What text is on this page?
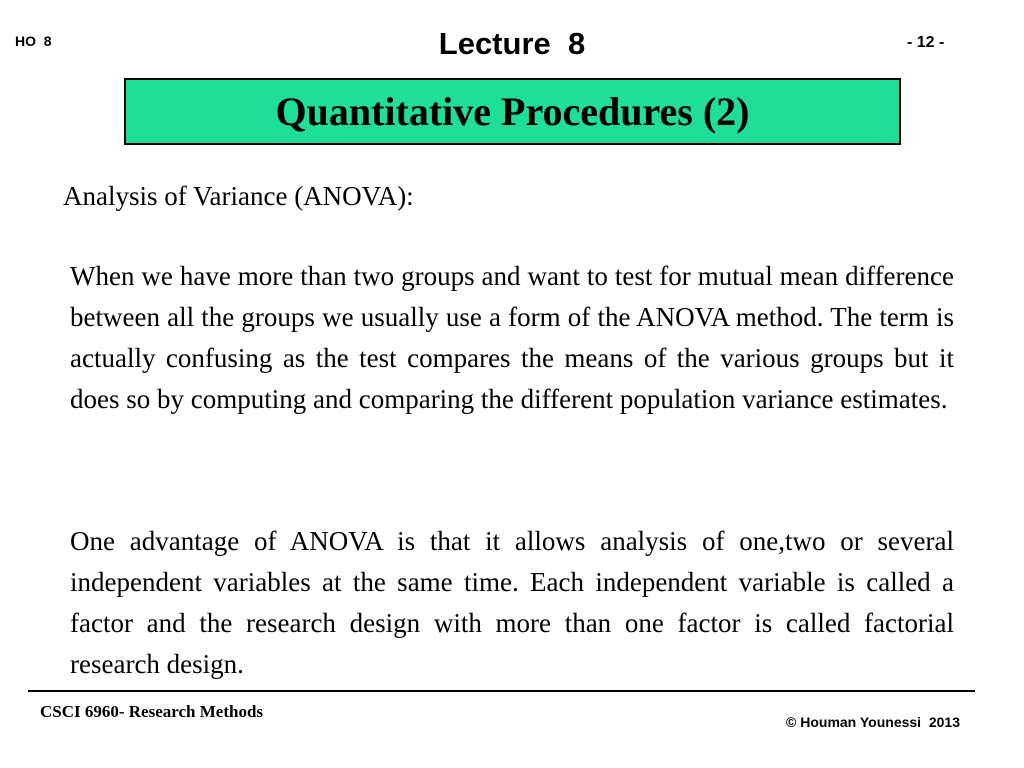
HO  8	Lecture  8	- 12 -
Quantitative Procedures (2)
Analysis of Variance (ANOVA):

When we have more than two groups and want to test for mutual mean difference between all the groups we usually use a form of the ANOVA method. The term is actually confusing as the test compares the means of the various groups but it does so by computing and comparing the different population variance estimates.

One advantage of ANOVA is that it allows analysis of one,two or several independent variables at the same time. Each independent variable is called a factor and the research design with more than one factor is called factorial research design.

CSCI 6960- Research Methods
© Houman Younessi  2013
